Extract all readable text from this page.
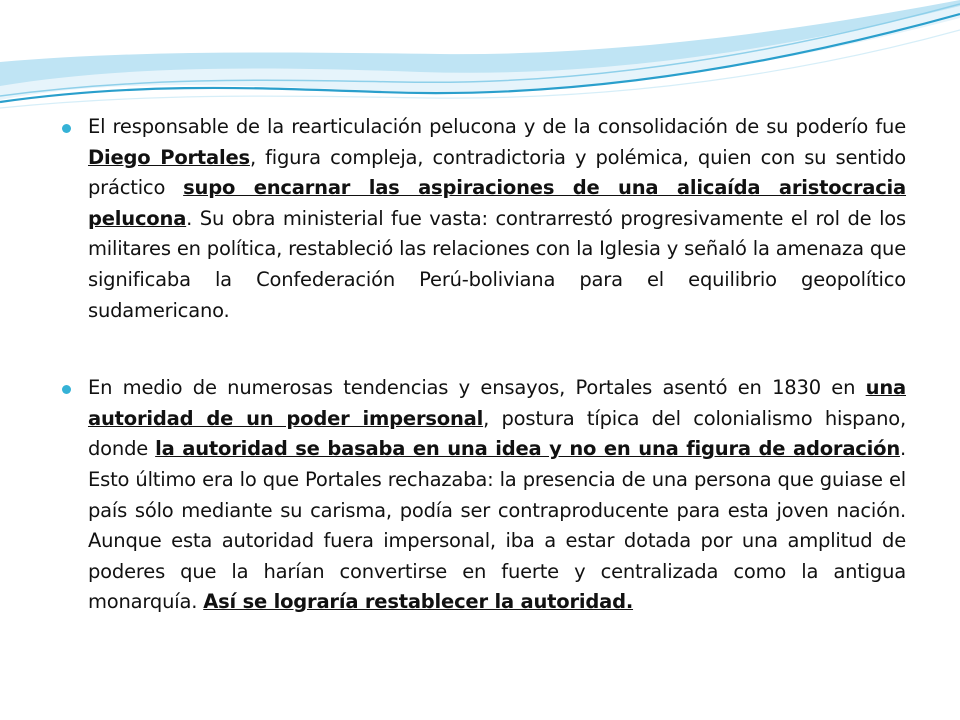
El responsable de la rearticulación pelucona y de la consolidación de su poderío fue Diego Portales, figura compleja, contradictoria y polémica, quien con su sentido práctico supo encarnar las aspiraciones de una alicaída aristocracia pelucona. Su obra ministerial fue vasta: contrarrestó progresivamente el rol de los militares en política, restableció las relaciones con la Iglesia y señaló la amenaza que significaba la Confederación Perú-boliviana para el equilibrio geopolítico sudamericano.

En medio de numerosas tendencias y ensayos, Portales asentó en 1830 en una autoridad de un poder impersonal, postura típica del colonialismo hispano, donde la autoridad se basaba en una idea y no en una figura de adoración. Esto último era lo que Portales rechazaba: la presencia de una persona que guiase el país sólo mediante su carisma, podía ser contraproducente para esta joven nación. Aunque esta autoridad fuera impersonal, iba a estar dotada por una amplitud de poderes que la harían convertirse en fuerte y centralizada como la antigua monarquía. Así se lograría restablecer la autoridad.
